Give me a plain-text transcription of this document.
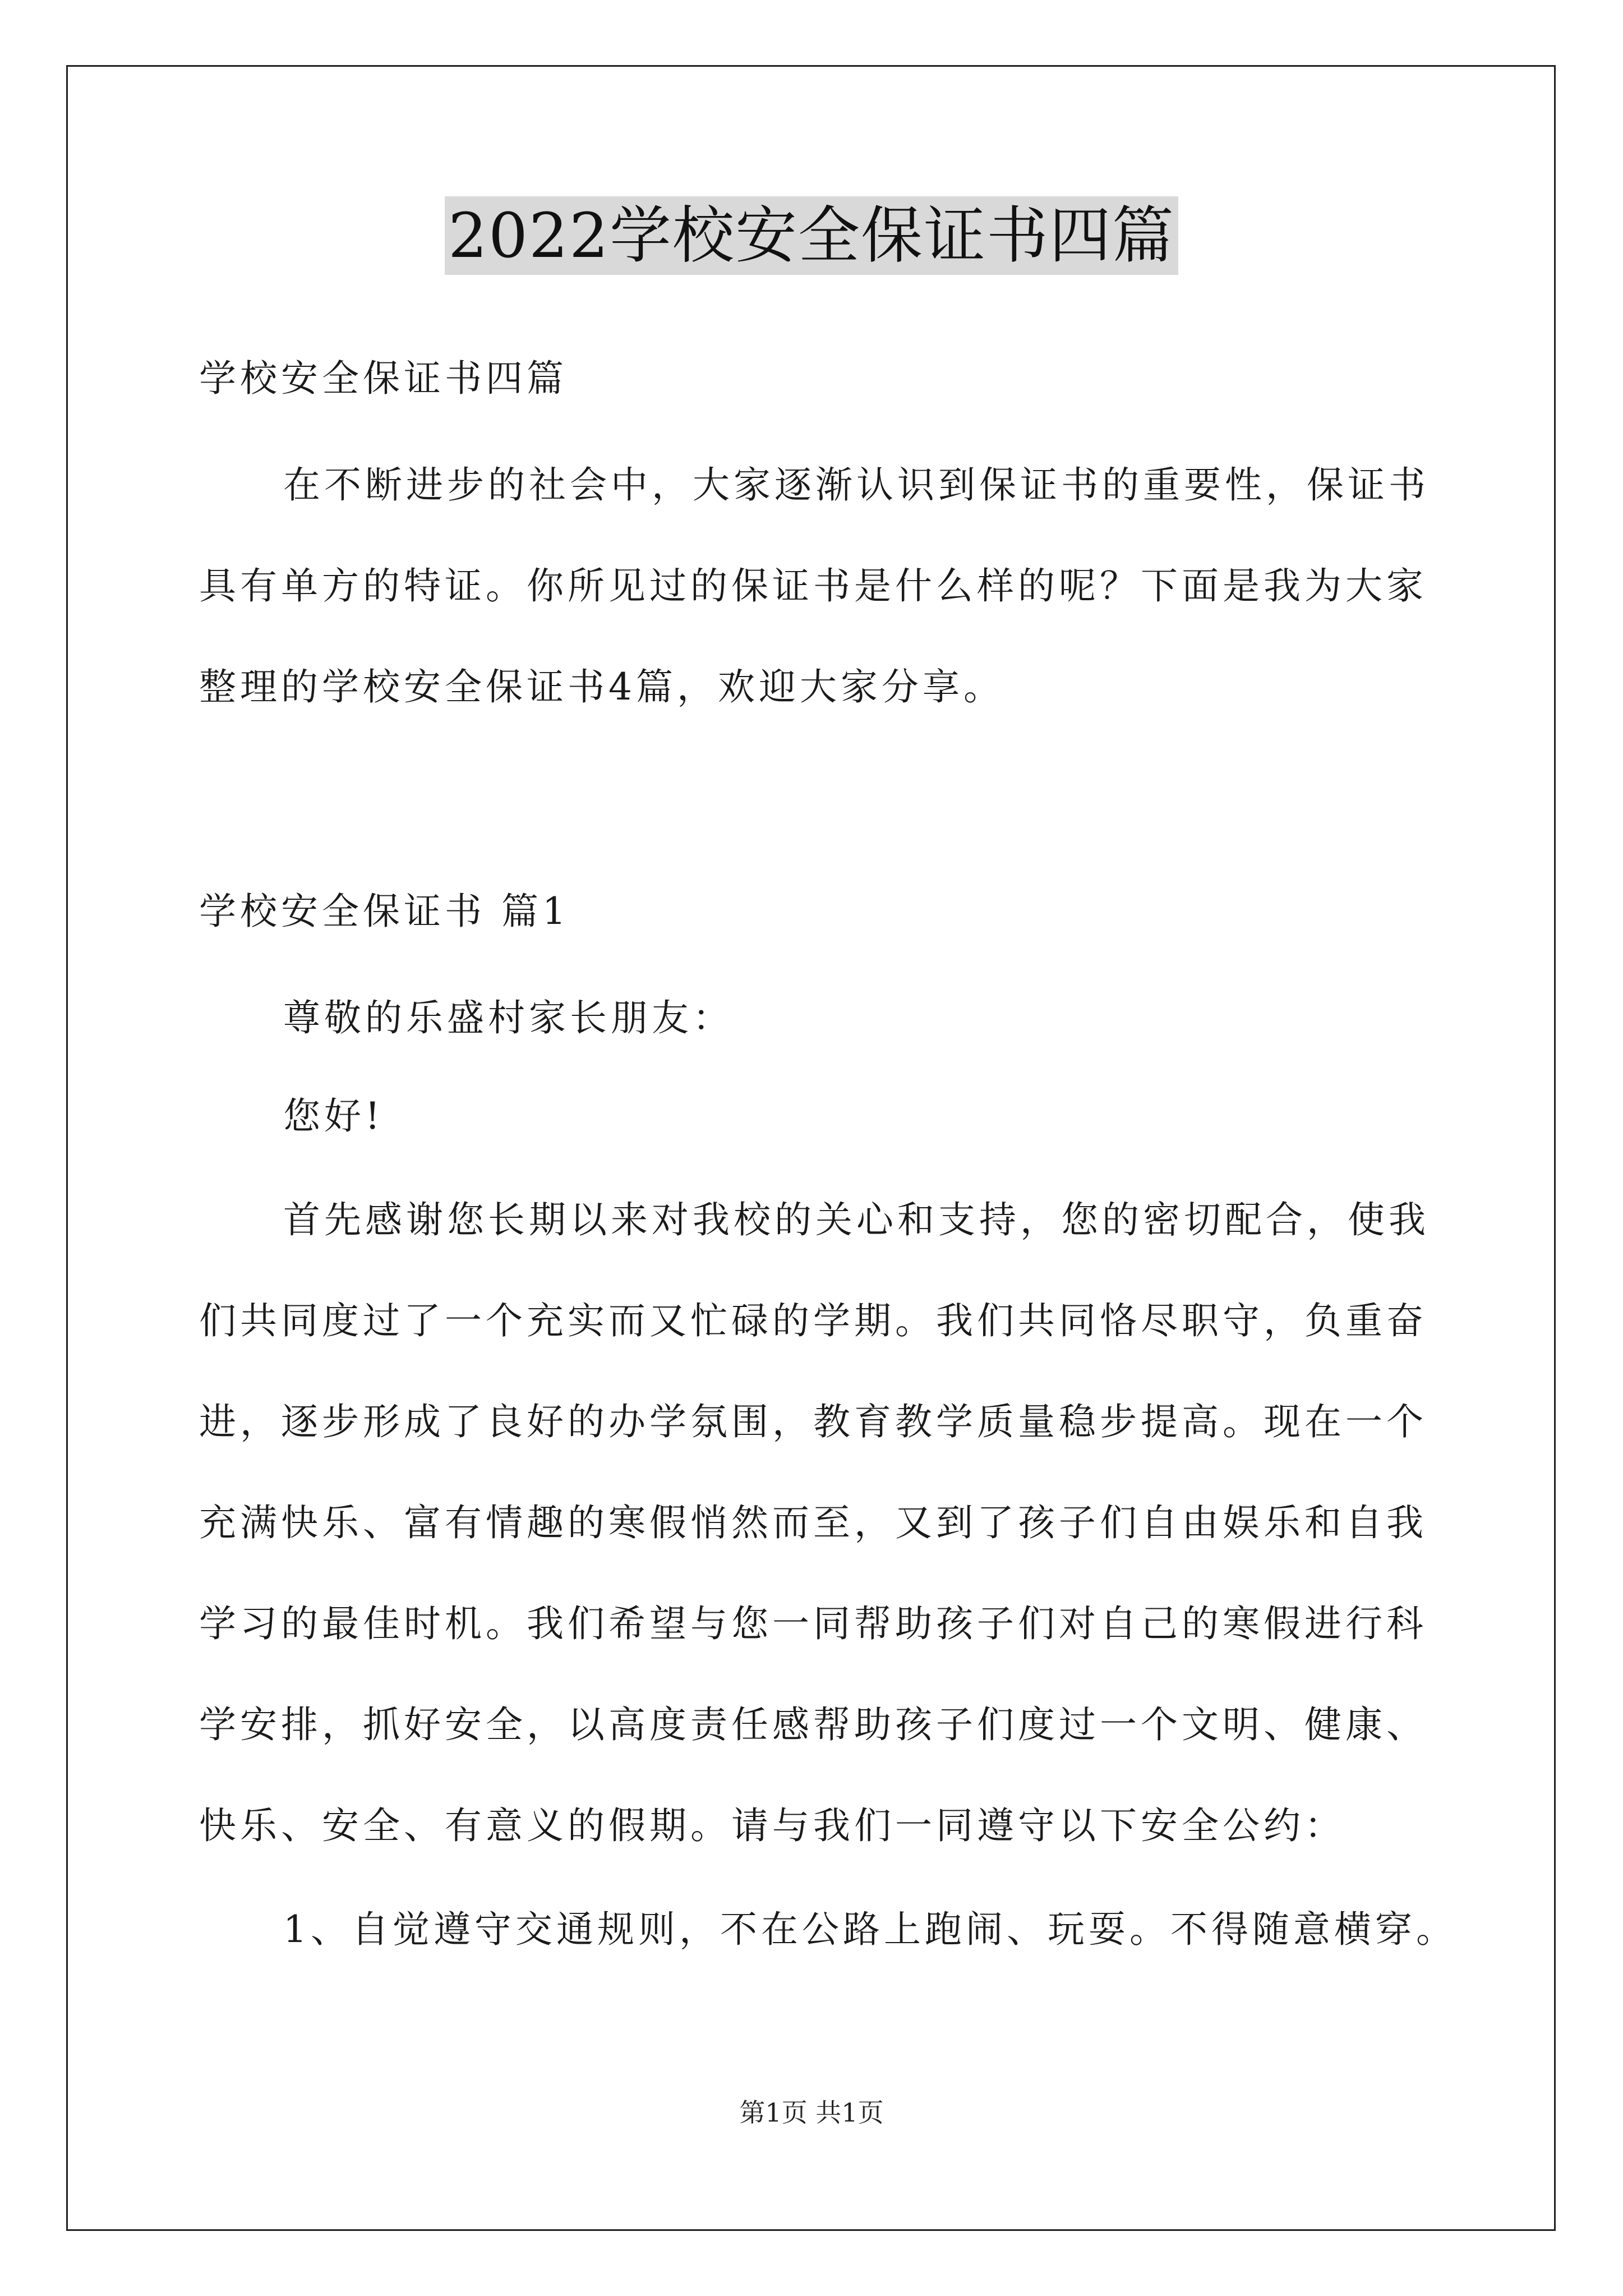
2022学校安全保证书四篇
学校安全保证书四篇
在不断进步的社会中，大家逐渐认识到保证书的重要性，保证书
具有单方的特证。你所见过的保证书是什么样的呢？下面是我为大家
整理的学校安全保证书4篇，欢迎大家分享。
学校安全保证书 篇1
尊敬的乐盛村家长朋友：
您好!
首先感谢您长期以来对我校的关心和支持，您的密切配合，使我
们共同度过了一个充实而又忙碌的学期。我们共同恪尽职守，负重奋
进，逐步形成了良好的办学氛围，教育教学质量稳步提高。现在一个
充满快乐、富有情趣的寒假悄然而至，又到了孩子们自由娱乐和自我
学习的最佳时机。我们希望与您一同帮助孩子们对自己的寒假进行科
学安排，抓好安全，以高度责任感帮助孩子们度过一个文明、健康、
快乐、安全、有意义的假期。请与我们一同遵守以下安全公约：
1、自觉遵守交通规则，不在公路上跑闹、玩耍。不得随意横穿。
第1页 共1页
